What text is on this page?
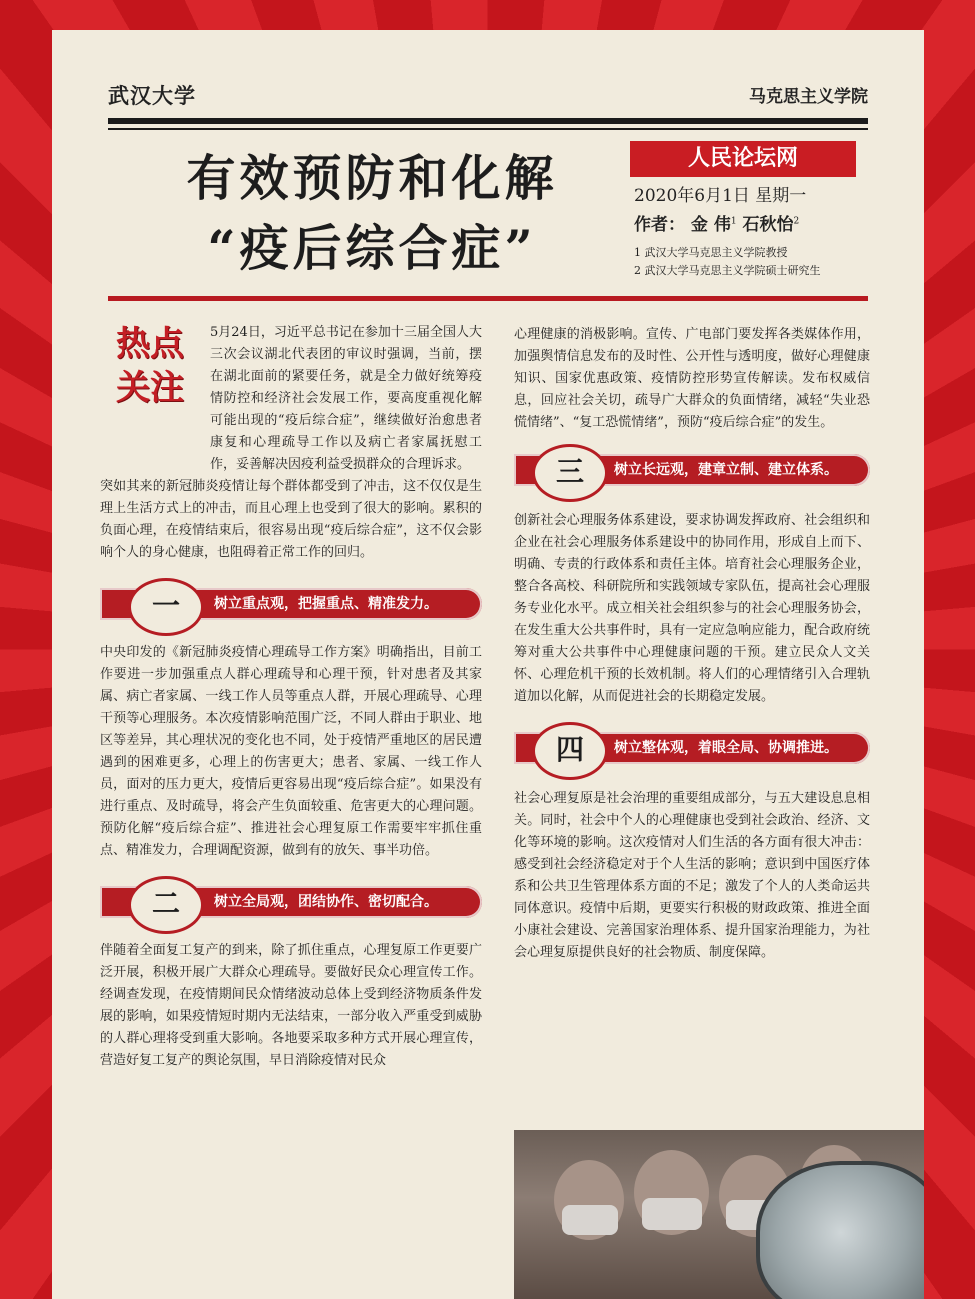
武汉大学	马克思主义学院
有效预防和化解
“疫后综合症”
人民论坛网
2020年6月1日 星期一
作者： 金 伟$^1$ 石秋怡$^2$
1 武汉大学马克思主义学院教授
2 武汉大学马克思主义学院硕士研究生
热点
关注

5月24日，习近平总书记在参加十三届全国人大三次会议湖北代表团的审议时强调，当前，摆在湖北面前的紧要任务，就是全力做好统筹疫情防控和经济社会发展工作，要高度重视化解可能出现的“疫后综合症”，继续做好治愈患者康复和心理疏导工作以及病亡者家属抚慰工作，妥善解决因疫利益受损群众的合理诉求。

突如其来的新冠肺炎疫情让每个群体都受到了冲击，这不仅仅是生理上生活方式上的冲击，而且心理上也受到了很大的影响。累积的负面心理，在疫情结束后，很容易出现“疫后综合症”，这不仅会影响个人的身心健康，也阻碍着正常工作的回归。

树立重点观，把握重点、精准发力。
一

中央印发的《新冠肺炎疫情心理疏导工作方案》明确指出，目前工作要进一步加强重点人群心理疏导和心理干预，针对患者及其家属、病亡者家属、一线工作人员等重点人群，开展心理疏导、心理干预等心理服务。本次疫情影响范围广泛，不同人群由于职业、地区等差异，其心理状况的变化也不同，处于疫情严重地区的居民遭遇到的困难更多，心理上的伤害更大；患者、家属、一线工作人员，面对的压力更大，疫情后更容易出现“疫后综合症”。如果没有进行重点、及时疏导，将会产生负面较重、危害更大的心理问题。预防化解“疫后综合症”、推进社会心理复原工作需要牢牢抓住重点、精准发力，合理调配资源，做到有的放矢、事半功倍。

树立全局观，团结协作、密切配合。
二

伴随着全面复工复产的到来，除了抓住重点，心理复原工作更要广泛开展，积极开展广大群众心理疏导。要做好民众心理宣传工作。经调查发现，在疫情期间民众情绪波动总体上受到经济物质条件发展的影响，如果疫情短时期内无法结束，一部分收入严重受到威胁的人群心理将受到重大影响。各地要采取多种方式开展心理宣传，营造好复工复产的舆论氛围，早日消除疫情对民众

心理健康的消极影响。宣传、广电部门要发挥各类媒体作用，加强舆情信息发布的及时性、公开性与透明度，做好心理健康知识、国家优惠政策、疫情防控形势宣传解读。发布权威信息，回应社会关切，疏导广大群众的负面情绪，减轻“失业恐慌情绪”、“复工恐慌情绪”，预防“疫后综合症”的发生。

树立长远观，建章立制、建立体系。
三

创新社会心理服务体系建设，要求协调发挥政府、社会组织和企业在社会心理服务体系建设中的协同作用，形成自上而下、明确、专责的行政体系和责任主体。培育社会心理服务企业，整合各高校、科研院所和实践领域专家队伍，提高社会心理服务专业化水平。成立相关社会组织参与的社会心理服务协会，在发生重大公共事件时，具有一定应急响应能力，配合政府统筹对重大公共事件中心理健康问题的干预。建立民众人文关怀、心理危机干预的长效机制。将人们的心理情绪引入合理轨道加以化解，从而促进社会的长期稳定发展。

树立整体观，着眼全局、协调推进。
四

社会心理复原是社会治理的重要组成部分，与五大建设息息相关。同时，社会中个人的心理健康也受到社会政治、经济、文化等环境的影响。这次疫情对人们生活的各方面有很大冲击：感受到社会经济稳定对于个人生活的影响；意识到中国医疗体系和公共卫生管理体系方面的不足；激发了个人的人类命运共同体意识。疫情中后期，更要实行积极的财政政策、推进全面小康社会建设、完善国家治理体系、提升国家治理能力，为社会心理复原提供良好的社会物质、制度保障。
